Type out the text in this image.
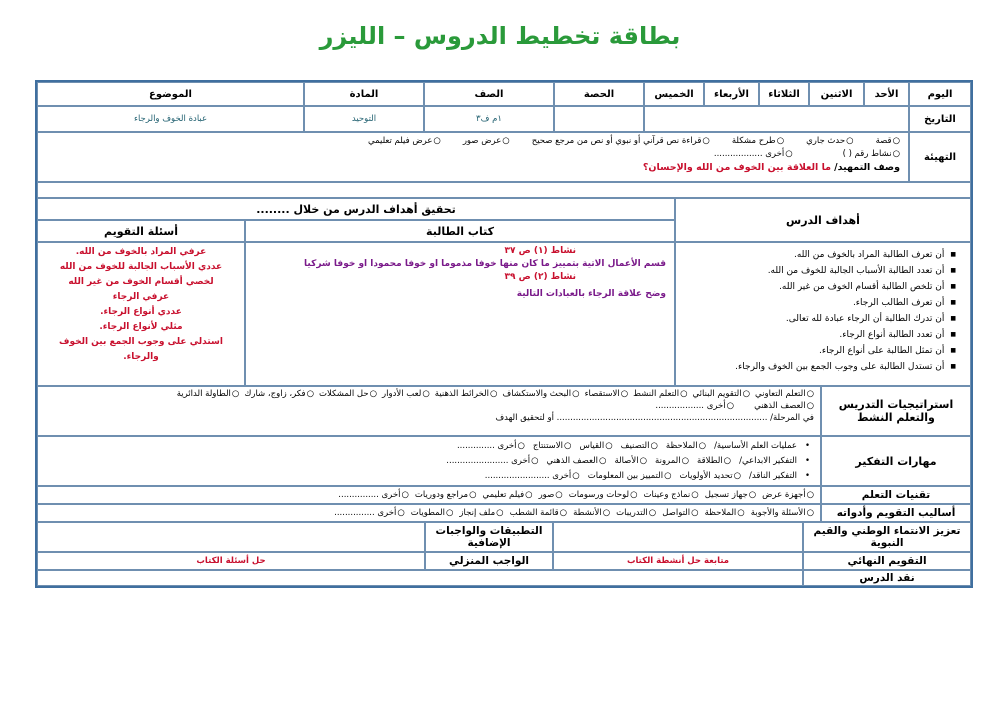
بطاقة تخطيط الدروس – الليزر
اليوم
الأحد
الاثنين
الثلاثاء
الأربعاء
الخميس
الحصة
الصف
المادة
الموضوع
التاريخ
١م ف٣
التوحيد
عبادة الخوف والرجاء
التهيئة
○ قصة
○ حدث جاري
○ طرح مشكلة
○ قراءة نص قرآني أو نبوي أو نص من مرجع صحيح
○ عرض صور
○ عرض فيلم تعليمي
○ نشاط رقم ( )
○ أخرى ..................
وصف التمهيد/ ما العلاقة بين الخوف من الله والإحسان؟
أهداف الدرس
■ أن تعرف الطالبة المراد بالخوف من الله.
■ أن تعدد الطالبة الأسباب الجالبة للخوف من الله.
■ أن تلخص الطالبة أقسام الخوف من غير الله.
■ أن تعرف الطالب الرجاء.
■ أن تدرك الطالبة أن الرجاء عبادة لله تعالى.
■ أن تعدد الطالبة أنواع الرجاء.
■ أن تمثل الطالبة على أنواع الرجاء.
■ أن تستدل الطالبة على وجوب الجمع بين الخوف والرجاء.
تحقيق أهداف الدرس من خلال ........
كتاب الطالبة
أسئلة التقويم
نشاط (١) ص ٣٧
قسم الأعمال الاتية بتمييز ما كان منها خوفا مذموما او خوفا محمودا او خوفا شركيا
نشاط (٢) ص ٣٩
وضح علاقة الرجاء بالعبادات التالية
عرفي المراد بالخوف من الله.
عددي الأسباب الجالبة للخوف من الله
لخصي أقسام الخوف من غير الله
عرفي الرجاء
عددي أنواع الرجاء.
مثلي لأنواع الرجاء.
استدلي على وجوب الجمع بين الخوف والرجاء.
استراتيجيات التدريس والتعلم النشط
○ التعلم التعاوني
○ التقويم البنائي
○ التعلم النشط
○ الاستقصاء
○ البحث والاستكشاف
○ الخرائط الذهنية
○ لعب الأدوار
○ حل المشكلات
○ فكر، زاوج، شارك
○ الطاولة الدائرية
○ العصف الذهني
○ أخرى ..................
في المرحلة/ .............................................................................. أو لتحقيق الهدف
مهارات التفكير
•
عمليات العلم الأساسية/
○ الملاحظة
○ التصنيف
○ القياس
○ الاستنتاج
○ أخرى ..............
•
التفكير الابداعي/
○ الطلاقة
○ المرونة
○ الأصالة
○ العصف الذهني
○ أخرى .......................
•
التفكير الناقد/
○ تحديد الأولويات
○ التمييز بين المعلومات
○ أخرى ........................
تقنيات التعلم
○ أجهزة عرض
○ جهاز تسجيل
○ نماذج وعينات
○ لوحات ورسومات
○ صور
○ فيلم تعليمي
○ مراجع ودوريات
○ أخرى ...............
أساليب التقويم وأدواته
○ الأسئلة والأجوبة
○ الملاحظة
○ التواصل
○ التدريبات
○ الأنشطة
○ قائمة الشطب
○ ملف إنجاز
○ المطويات
○ أخرى ...............
تعزيز الانتماء الوطني والقيم النبوية
التطبيقات والواجبات الإضافية
التقويم النهائي
متابعة حل أنشطة الكتاب
الواجب المنزلي
حل أسئلة الكتاب
نقد الدرس
